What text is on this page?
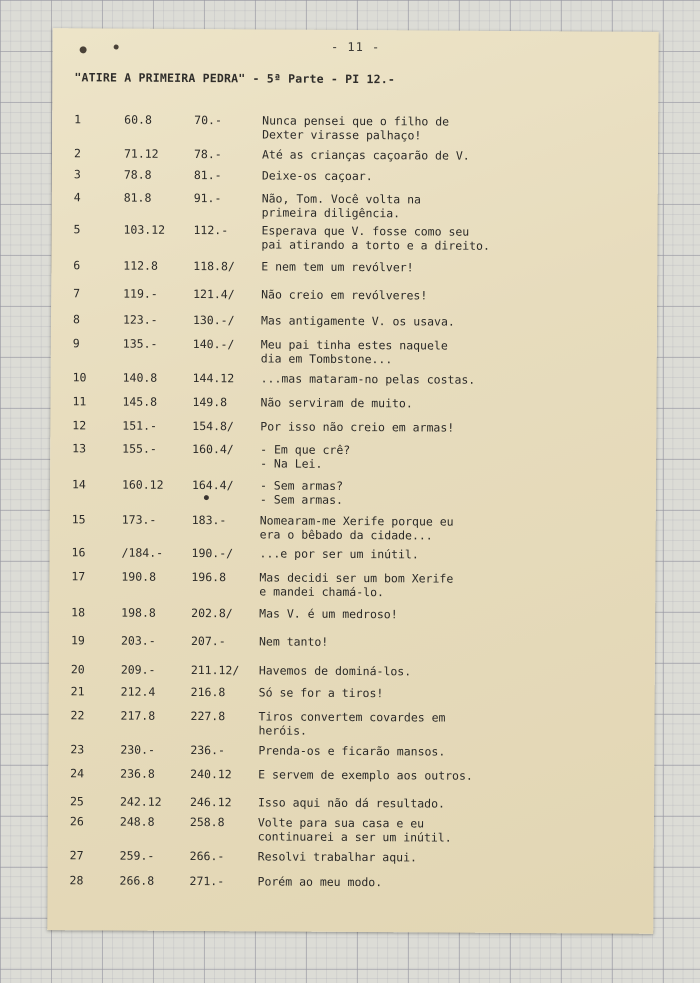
- 11 -
"ATIRE A PRIMEIRA PEDRA" - 5ª Parte - PI 12.-
1	60.8	70.-	Nunca pensei que o filho de
Dexter virasse palhaço!
2	71.12	78.-	Até as crianças caçoarão de V.
3	78.8	81.-	Deixe-os caçoar.
4	81.8	91.-	Não, Tom. Você volta na
primeira diligência.
5	103.12	112.-	Esperava que V. fosse como seu
pai atirando a torto e a direito.
6	112.8	118.8/	E nem tem um revólver!
7	119.-	121.4/	Não creio em revólveres!
8	123.-	130.-/	Mas antigamente V. os usava.
9	135.-	140.-/	Meu pai tinha estes naquele
dia em Tombstone...
10	140.8	144.12	...mas mataram-no pelas costas.
11	145.8	149.8	Não serviram de muito.
12	151.-	154.8/	Por isso não creio em armas!
13	155.-	160.4/	- Em que crê?
- Na Lei.
14	160.12	164.4/	- Sem armas?
- Sem armas.
15	173.-	183.-	Nomearam-me Xerife porque eu
era o bêbado da cidade...
16	/184.-	190.-/	...e por ser um inútil.
17	190.8	196.8	Mas decidi ser um bom Xerife
e mandei chamá-lo.
18	198.8	202.8/	Mas V. é um medroso!
19	203.-	207.-	Nem tanto!
20	209.-	211.12/	Havemos de dominá-los.
21	212.4	216.8	Só se for a tiros!
22	217.8	227.8	Tiros convertem covardes em
heróis.
23	230.-	236.-	Prenda-os e ficarão mansos.
24	236.8	240.12	E servem de exemplo aos outros.
25	242.12	246.12	Isso aqui não dá resultado.
26	248.8	258.8	Volte para sua casa e eu
continuarei a ser um inútil.
27	259.-	266.-	Resolvi trabalhar aqui.
28	266.8	271.-	Porém ao meu modo.
